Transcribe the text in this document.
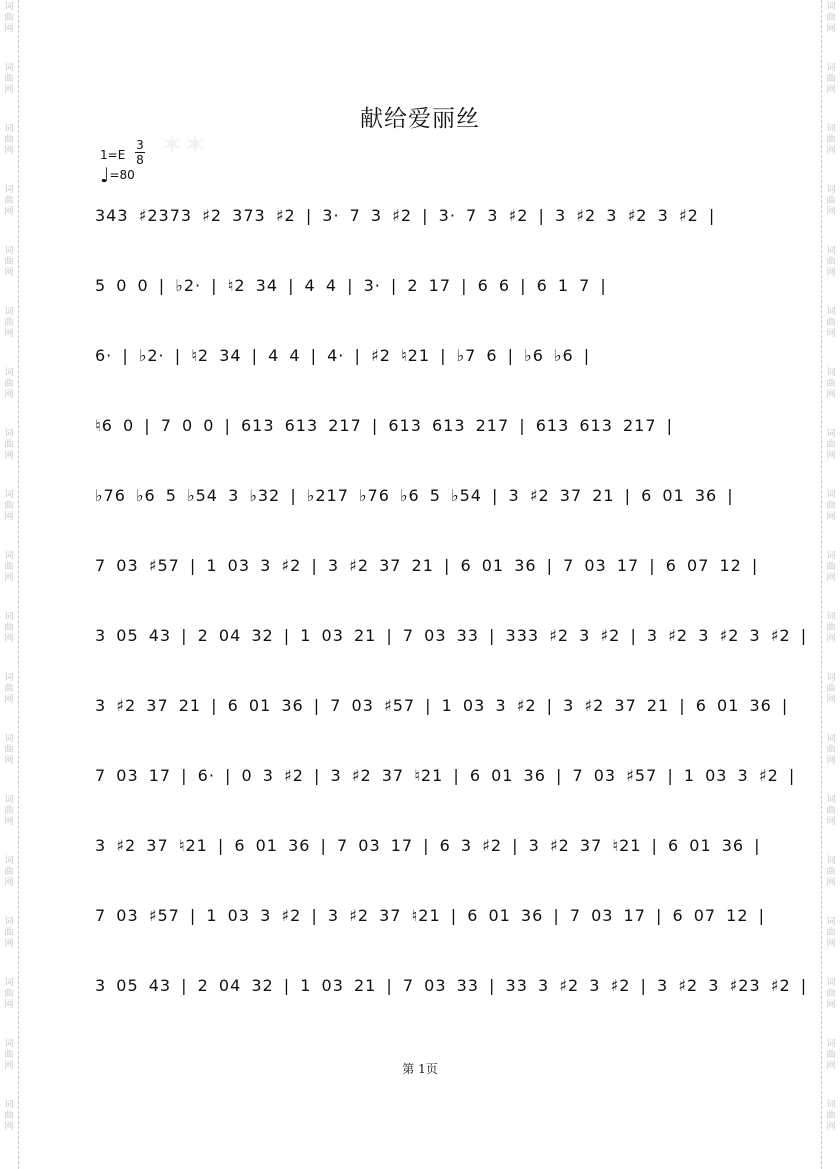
词
曲
网
词
曲
网
词
曲
网
词
曲
网
词
曲
网
词
曲
网
词
曲
网
词
曲
网
词
曲
网
词
曲
网
词
曲
网
词
曲
网
词
曲
网
词
曲
网
词
曲
网
词
曲
网
词
曲
网
词
曲
网
词
曲
网
词
曲
网
词
曲
网
词
曲
网
词
曲
网
词
曲
网
词
曲
网
词
曲
网
词
曲
网
词
曲
网
词
曲
网
词
曲
网
词
曲
网
词
曲
网
词
曲
网
词
曲
网
词
曲
网
词
曲
网
词
曲
网
词
曲
网
✶✶
献给爱丽丝
1=E
3
8
♩=80
343 ♯2373 ♯2 373 ♯2 | 3· 7 3 ♯2 | 3· 7 3 ♯2 | 3 ♯2 3 ♯2 3 ♯2 |
5 0 0 | ♭2· | ♮2 34 | 4 4 | 3· | 2 17 | 6 6 | 6 1 7 |
6· | ♭2· | ♮2 34 | 4 4 | 4· | ♯2 ♮21 | ♭7 6 | ♭6 ♭6 |
♮6 0 | 7 0 0 | 613 613 217 | 613 613 217 | 613 613 217 |
♭76 ♭6 5 ♭54 3 ♭32 | ♭217 ♭76 ♭6 5 ♭54 | 3 ♯2 37 21 | 6 01 36 |
7 03 ♯57 | 1 03 3 ♯2 | 3 ♯2 37 21 | 6 01 36 | 7 03 17 | 6 07 12 |
3 05 43 | 2 04 32 | 1 03 21 | 7 03 33 | 333 ♯2 3 ♯2 | 3 ♯2 3 ♯2 3 ♯2 |
3 ♯2 37 21 | 6 01 36 | 7 03 ♯57 | 1 03 3 ♯2 | 3 ♯2 37 21 | 6 01 36 |
7 03 17 | 6· | 0 3 ♯2 | 3 ♯2 37 ♮21 | 6 01 36 | 7 03 ♯57 | 1 03 3 ♯2 |
3 ♯2 37 ♮21 | 6 01 36 | 7 03 17 | 6 3 ♯2 | 3 ♯2 37 ♮21 | 6 01 36 |
7 03 ♯57 | 1 03 3 ♯2 | 3 ♯2 37 ♮21 | 6 01 36 | 7 03 17 | 6 07 12 |
3 05 43 | 2 04 32 | 1 03 21 | 7 03 33 | 33 3 ♯2 3 ♯2 | 3 ♯2 3 ♯23 ♯2 |
第 1页
